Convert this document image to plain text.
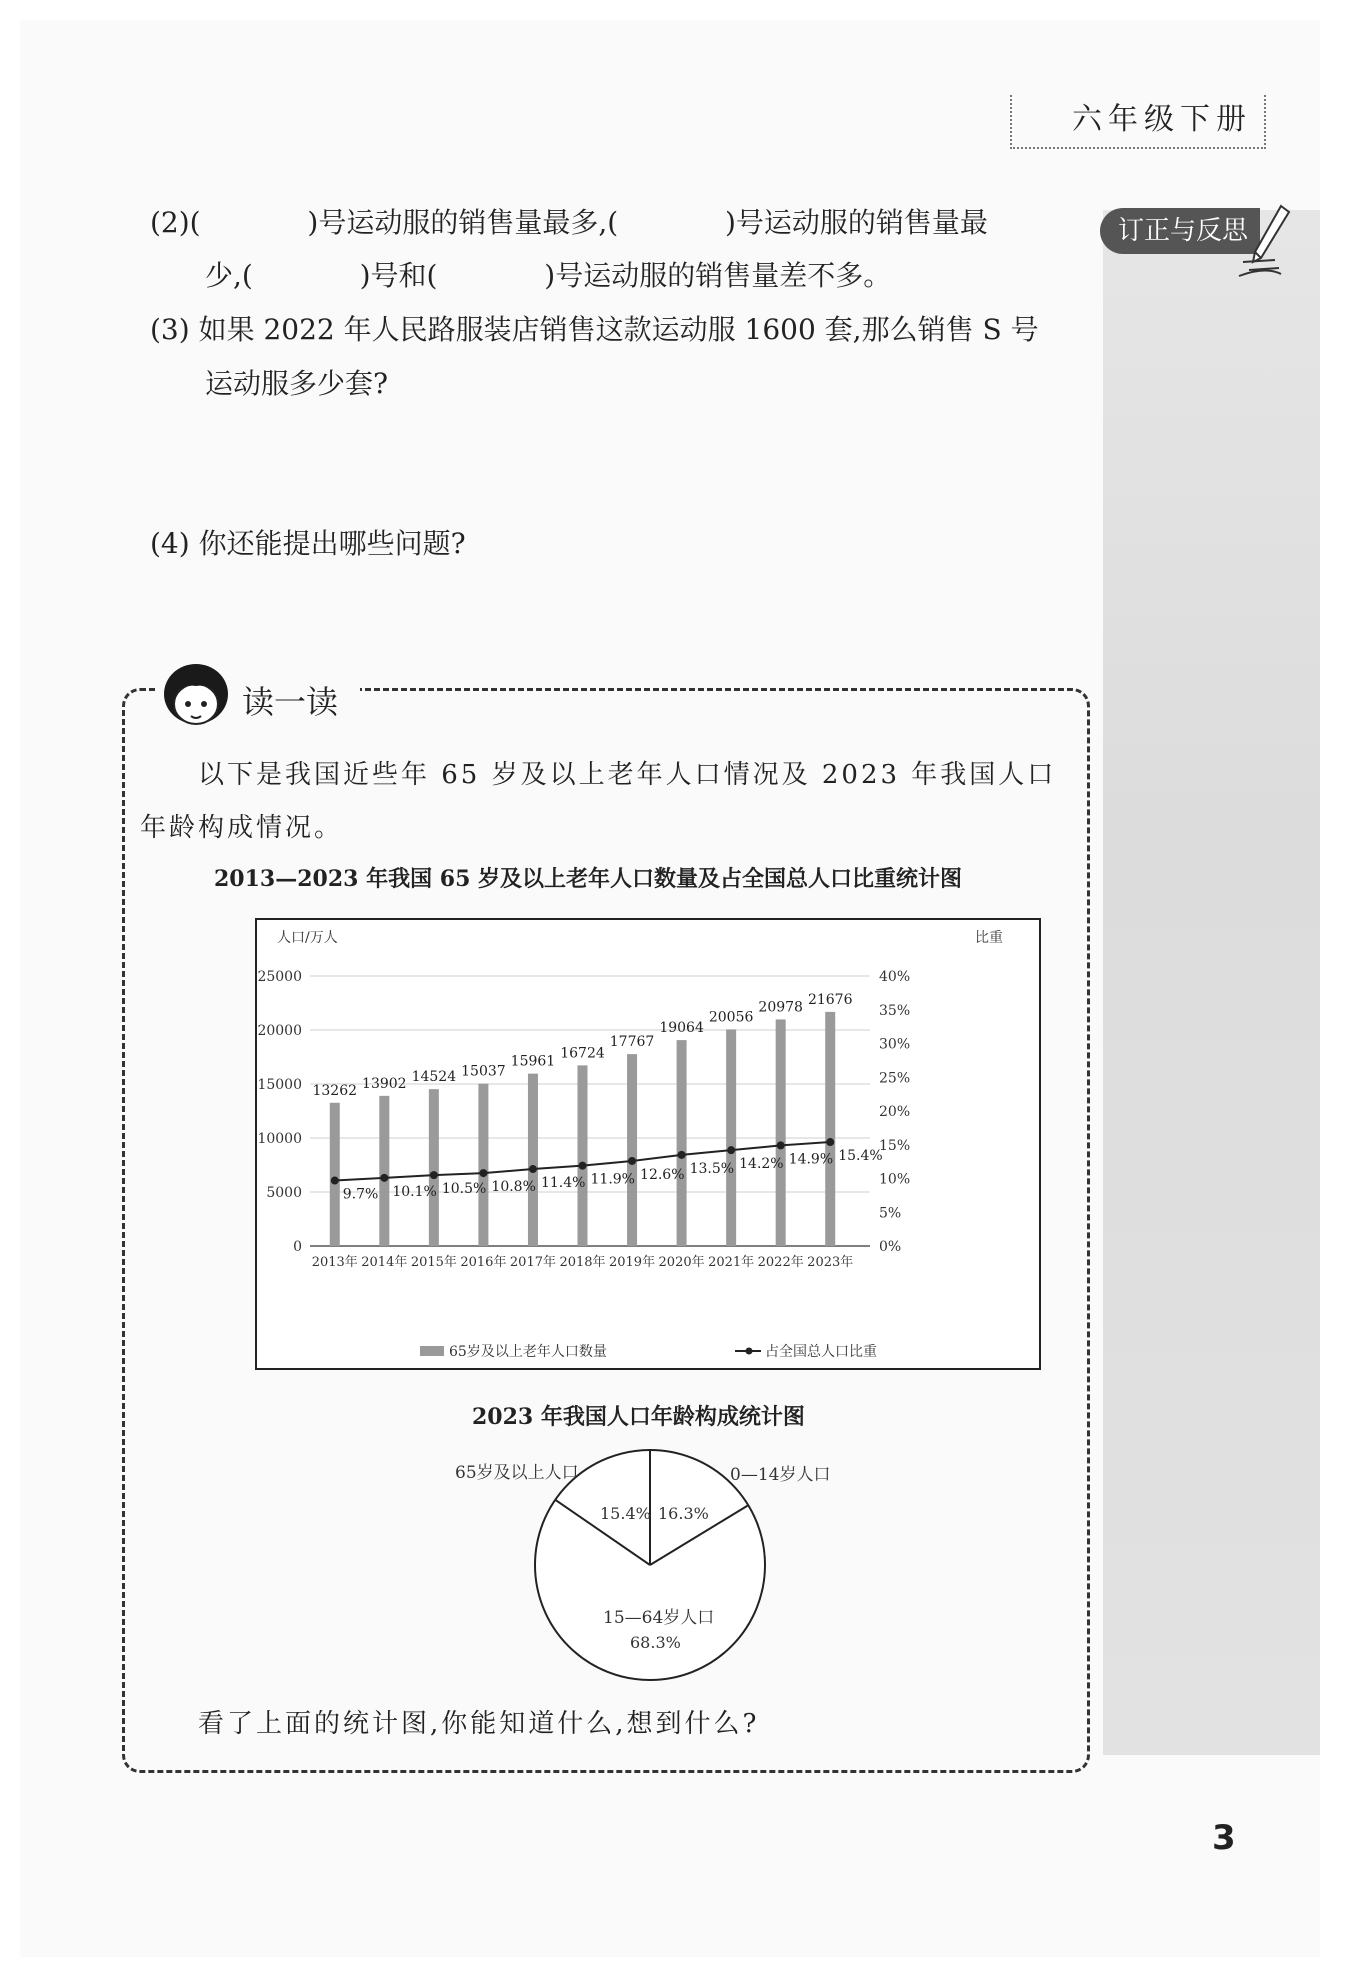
六年级下册
订正与反思
(2)(            )号运动服的销售量最多,(            )号运动服的销售量最
少,(            )号和(            )号运动服的销售量差不多。
(3) 如果 2022 年人民路服装店销售这款运动服 1600 套,那么销售 S 号
运动服多少套?
(4) 你还能提出哪些问题?
读一读
以下是我国近些年 65 岁及以上老年人口情况及 2023 年我国人口
年龄构成情况。
2013—2023 年我国 65 岁及以上老年人口数量及占全国总人口比重统计图
人口/万人	比重
0
5000
10000
15000
20000
25000
0%
5%
10%
15%
20%
25%
30%
35%
40%
9.7% 10.1% 10.5% 10.8% 11.4% 11.9% 12.6% 13.5% 14.2% 14.9% 15.4%
13262
2013年
13902
2014年
14524
2015年
15037
2016年
15961
2017年
16724
2018年
17767
2019年
19064
2020年
20056
2021年
20978
2022年
21676
2023年
65岁及以上老年人口数量	占全国总人口比重
2023 年我国人口年龄构成统计图
0—14岁人口
65岁及以上人口
16.3%
15.4%
15—64岁人口
68.3%
看了上面的统计图,你能知道什么,想到什么?
3
